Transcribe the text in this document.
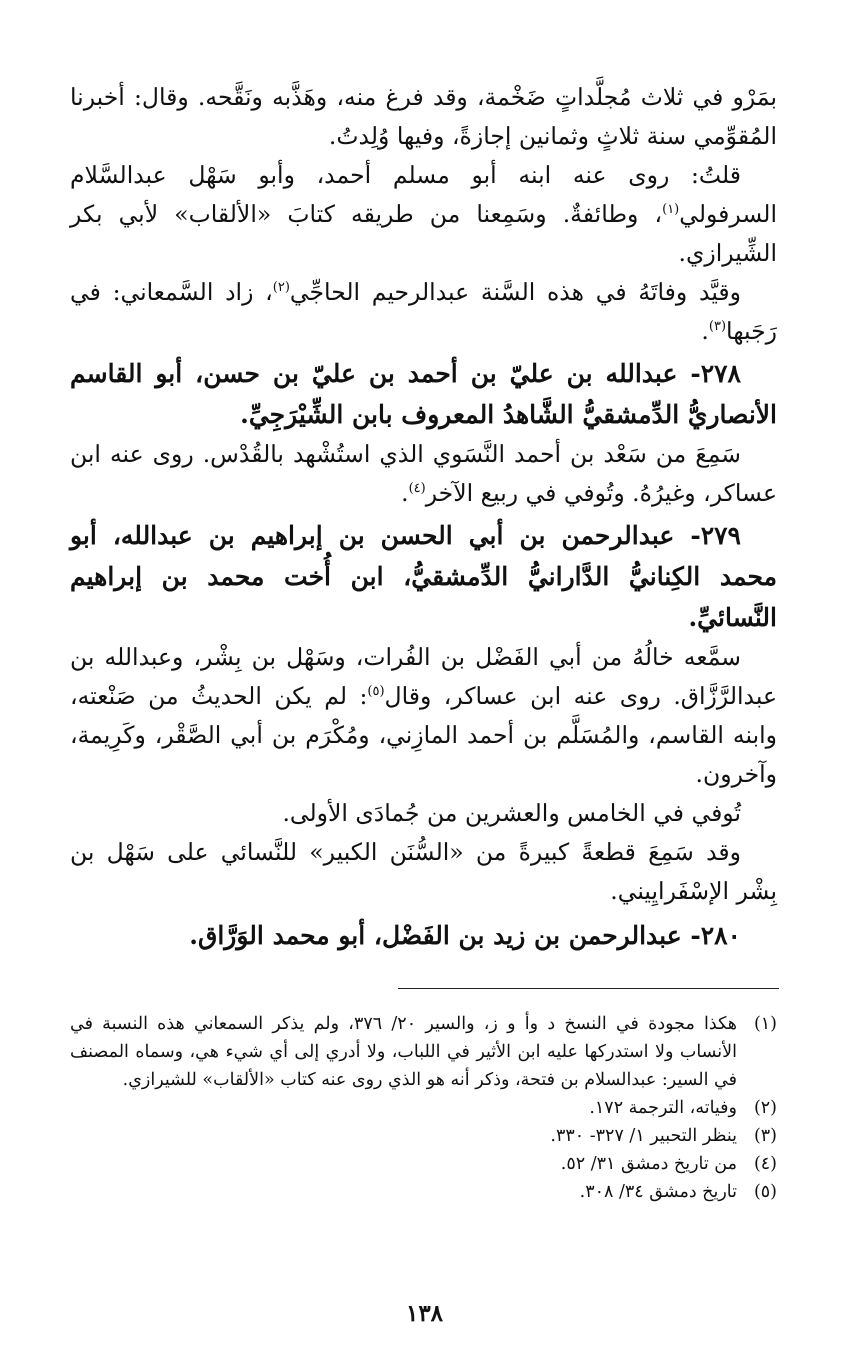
بمَرْو في ثلاث مُجلَّداتٍ ضَخْمة، وقد فرغ منه، وهَذَّبه ونَقَّحه. وقال: أخبرنا المُقوِّمي سنة ثلاثٍ وثمانين إجازةً، وفيها وُلِدتُ.

قلتُ: روى عنه ابنه أبو مسلم أحمد، وأبو سَهْل عبدالسَّلام السرفولي$^{(١)}$، وطائفةٌ. وسَمِعنا من طريقه كتابَ «الألقاب» لأبي بكر الشِّيرازي.

وقيَّد وفاتَهُ في هذه السَّنة عبدالرحيم الحاجِّي$^{(٢)}$، زاد السَّمعاني: في رَجَبها$^{(٣)}$.

٢٧٨- عبدالله بن عليّ بن أحمد بن عليّ بن حسن، أبو القاسم الأنصاريُّ الدِّمشقيُّ الشَّاهدُ المعروف بابن الشِّيْرَجِيِّ.

سَمِعَ من سَعْد بن أحمد النَّسَوي الذي استُشْهد بالقُدْس. روى عنه ابن عساكر، وغيرُهُ. وتُوفي في ربيع الآخر$^{(٤)}$.

٢٧٩- عبدالرحمن بن أبي الحسن بن إبراهيم بن عبدالله، أبو محمد الكِنانيُّ الدَّارانيُّ الدِّمشقيُّ، ابن أُخت محمد بن إبراهيم النَّسائيِّ.

سمَّعه خالُهُ من أبي الفَضْل بن الفُرات، وسَهْل بن بِشْر، وعبدالله بن عبدالرَّزَّاق. روى عنه ابن عساكر، وقال$^{(٥)}$: لم يكن الحديثُ من صَنْعته، وابنه القاسم، والمُسَلَّم بن أحمد المازِني، ومُكْرَم بن أبي الصَّقْر، وكَرِيمة، وآخرون.

تُوفي في الخامس والعشرين من جُمادَى الأولى.

وقد سَمِعَ قطعةً كبيرةً من «السُّنَن الكبير» للنَّسائي على سَهْل بن بِشْر الإسْفَرايِيني.

٢٨٠- عبدالرحمن بن زيد بن الفَضْل، أبو محمد الوَرَّاق.

(١)
هكذا مجودة في النسخ د وأ و ز، والسير ٢٠/ ٣٧٦، ولم يذكر السمعاني هذه النسبة في الأنساب ولا استدركها عليه ابن الأثير في اللباب، ولا أدري إلى أي شيء هي، وسماه المصنف في السير: عبدالسلام بن فتحة، وذكر أنه هو الذي روى عنه كتاب «الألقاب» للشيرازي.
(٢)
وفياته، الترجمة ١٧٢.
(٣)
ينظر التحبير ١/ ٣٢٧- ٣٣٠.
(٤)
من تاريخ دمشق ٣١/ ٥٢.
(٥)
تاريخ دمشق ٣٤/ ٣٠٨.
١٣٨
